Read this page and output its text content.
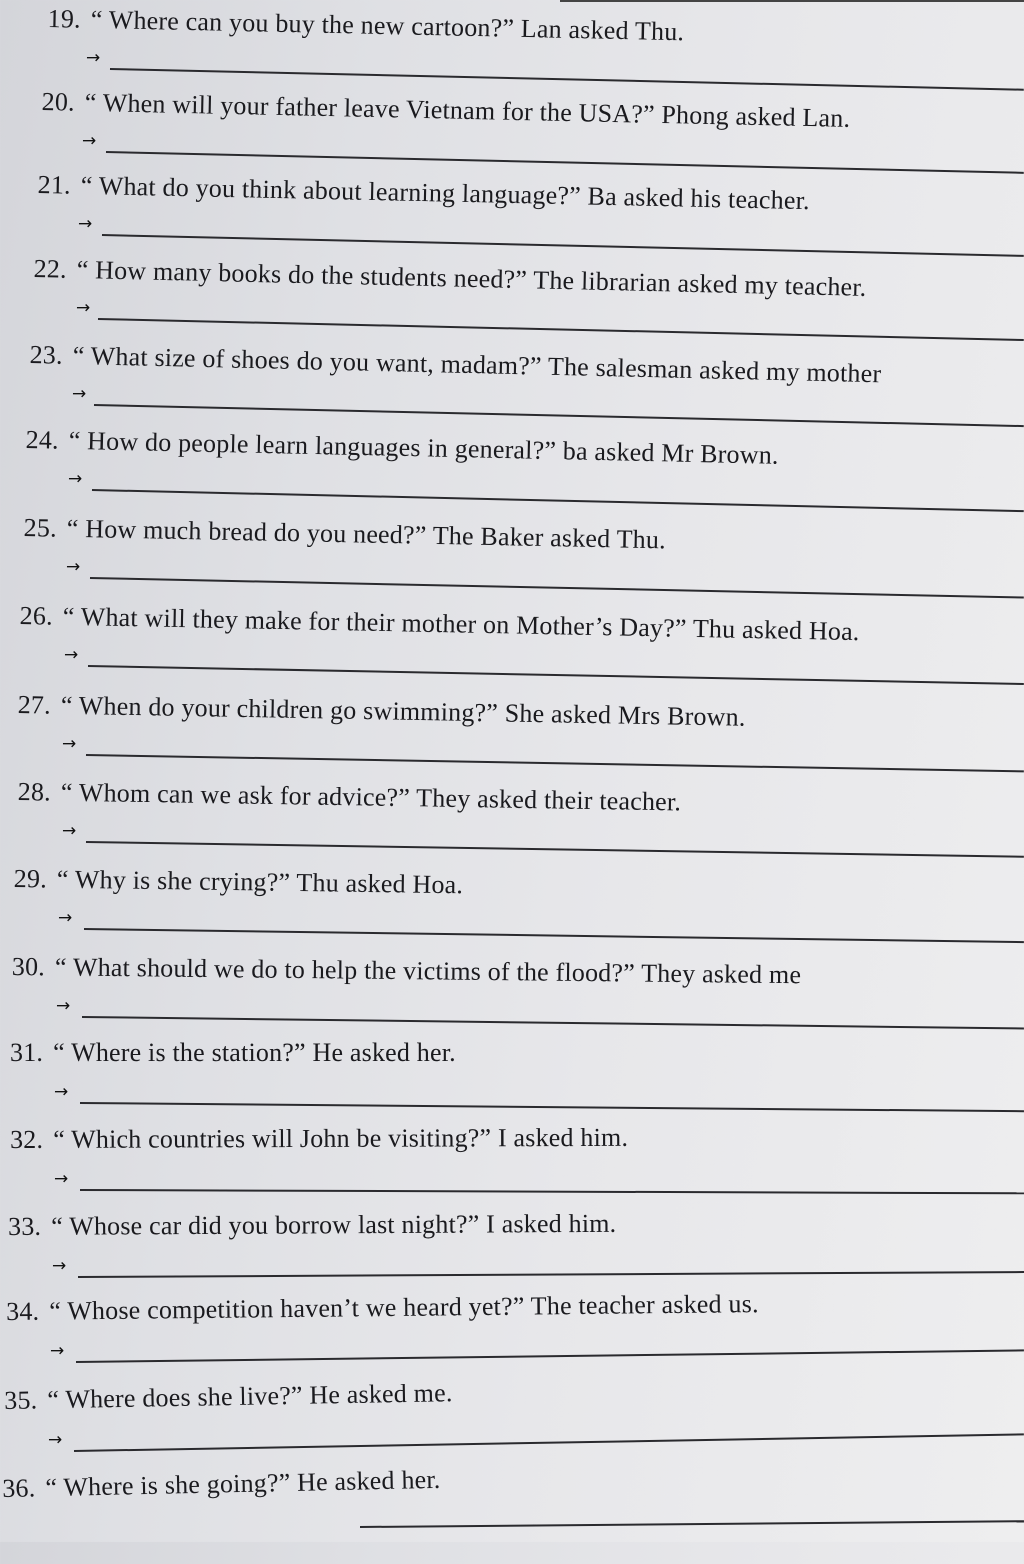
19. “ Where can you buy the new cartoon?” Lan asked Thu.
→
20. “ When will your father leave Vietnam for the USA?” Phong asked Lan.
→
21. “ What do you think about learning language?” Ba asked his teacher.
→
22. “ How many books do the students need?” The librarian asked my teacher.
→
23. “ What size of shoes do you want, madam?” The salesman asked my mother
→
24. “ How do people learn languages in general?” ba asked Mr Brown.
→
25. “ How much bread do you need?” The Baker asked Thu.
→
26. “ What will they make for their mother on Mother’s Day?” Thu asked Hoa.
→
27. “ When do your children go swimming?” She asked Mrs Brown.
→
28. “ Whom can we ask for advice?” They asked their teacher.
→
29. “ Why is she crying?” Thu asked Hoa.
→
30. “ What should we do to help the victims of the flood?” They asked me
→
31. “ Where is the station?” He asked her.
→
32. “ Which countries will John be visiting?” I asked him.
→
33. “ Whose car did you borrow last night?” I asked him.
→
34. “ Whose competition haven’t we heard yet?” The teacher asked us.
→
35. “ Where does she live?” He asked me.
→
36. “ Where is she going?” He asked her.
